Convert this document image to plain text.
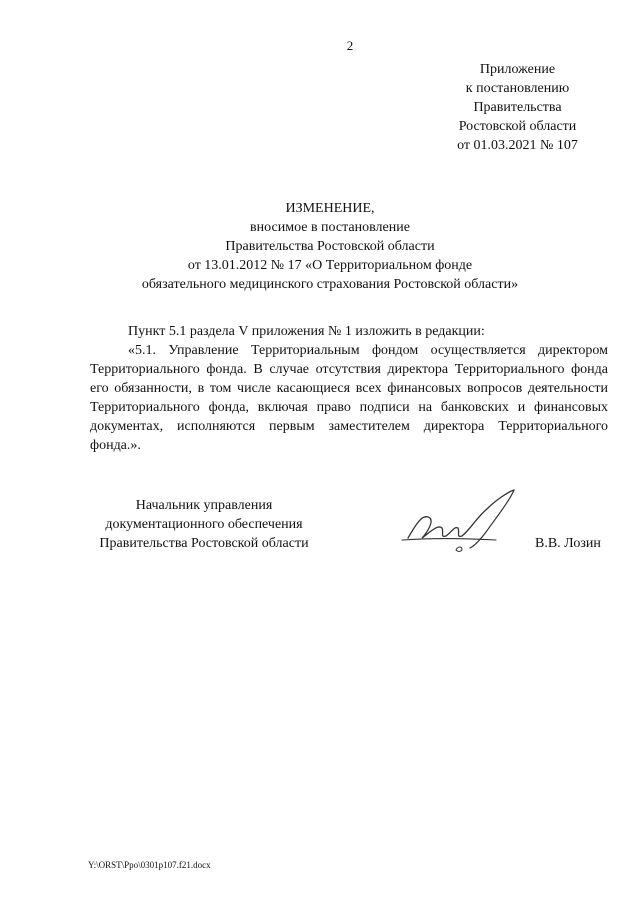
2
Приложение
к постановлению
Правительства
Ростовской области
от 01.03.2021 № 107
ИЗМЕНЕНИЕ,
вносимое в постановление
Правительства Ростовской области
от 13.01.2012 № 17 «О Территориальном фонде
обязательного медицинского страхования Ростовской области»
Пункт 5.1 раздела V приложения № 1 изложить в редакции:

«5.1. Управление Территориальным фондом осуществляется директором Территориального фонда. В случае отсутствия директора Территориального фонда его обязанности, в том числе касающиеся всех финансовых вопросов деятельности Территориального фонда, включая право подписи на банковских и финансовых документах, исполняются первым заместителем директора Территориального фонда.».

Начальник управления
документационного обеспечения
Правительства Ростовской области	В.В. Лозин
Y:\ORST\Ppo\0301p107.f21.docx
